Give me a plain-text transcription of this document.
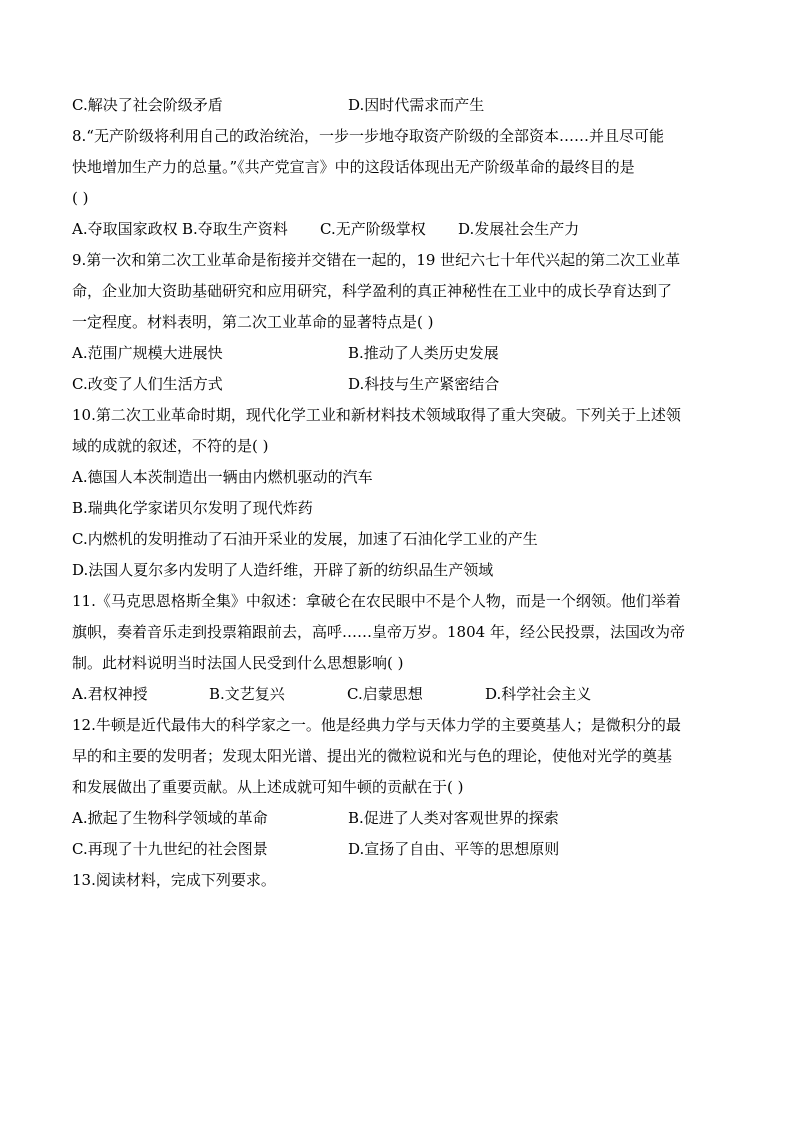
C.解决了社会阶级矛盾	D.因时代需求而产生
8.“无产阶级将利用自己的政治统治，一步一步地夺取资产阶级的全部资本……并且尽可能
快地增加生产力的总量。”《共产党宣言》中的这段话体现出无产阶级革命的最终目的是
( )
A.夺取国家政权 B.夺取生产资料	C.无产阶级掌权	D.发展社会生产力
9.第一次和第二次工业革命是衔接并交错在一起的，19 世纪六七十年代兴起的第二次工业革
命，企业加大资助基础研究和应用研究，科学盈利的真正神秘性在工业中的成长孕育达到了
一定程度。材料表明，第二次工业革命的显著特点是( )
A.范围广规模大进展快	B.推动了人类历史发展
C.改变了人们生活方式	D.科技与生产紧密结合
10.第二次工业革命时期，现代化学工业和新材料技术领域取得了重大突破。下列关于上述领
域的成就的叙述，不符的是( )
A.德国人本茨制造出一辆由内燃机驱动的汽车
B.瑞典化学家诺贝尔发明了现代炸药
C.内燃机的发明推动了石油开采业的发展，加速了石油化学工业的产生
D.法国人夏尔多内发明了人造纤维，开辟了新的纺织品生产领域
11.《马克思恩格斯全集》中叙述：拿破仑在农民眼中不是个人物，而是一个纲领。他们举着
旗帜，奏着音乐走到投票箱跟前去，高呼……皇帝万岁。1804 年，经公民投票，法国改为帝
制。此材料说明当时法国人民受到什么思想影响( )
A.君权神授	B.文艺复兴	C.启蒙思想	D.科学社会主义
12.牛顿是近代最伟大的科学家之一。他是经典力学与天体力学的主要奠基人；是微积分的最
早的和主要的发明者；发现太阳光谱、提出光的微粒说和光与色的理论，使他对光学的奠基
和发展做出了重要贡献。从上述成就可知牛顿的贡献在于( )
A.掀起了生物科学领域的革命	B.促进了人类对客观世界的探索
C.再现了十九世纪的社会图景	D.宣扬了自由、平等的思想原则
13.阅读材料，完成下列要求。
